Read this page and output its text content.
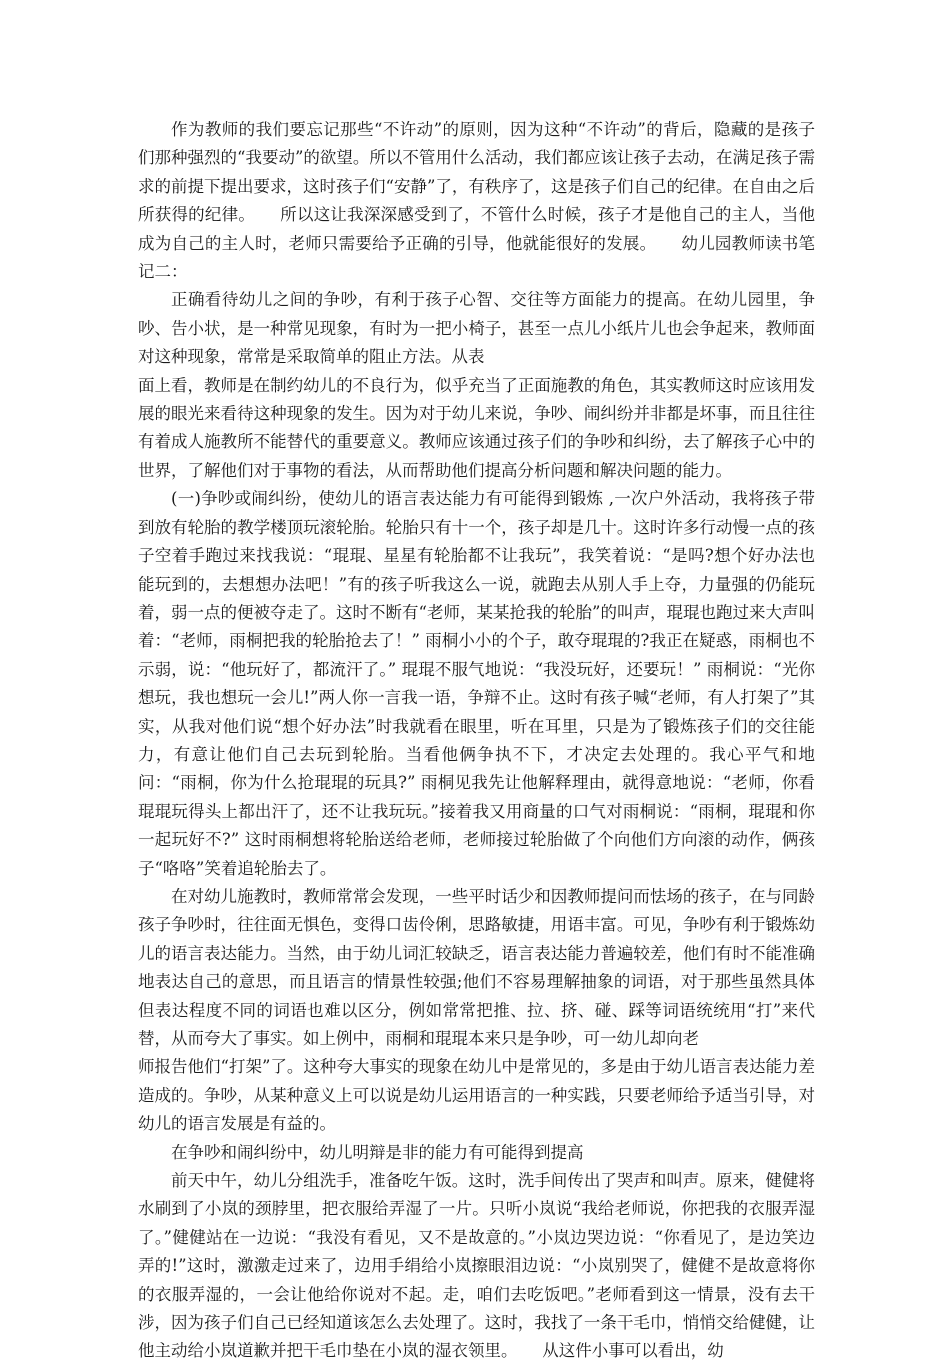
作为教师的我们要忘记那些“不许动”的原则，因为这种“不许动”的背后，隐藏的是孩子们那种强烈的“我要动”的欲望。所以不管用什么活动，我们都应该让孩子去动，在满足孩子需求的前提下提出要求，这时孩子们“安静”了，有秩序了，这是孩子们自己的纪律。在自由之后所获得的纪律。　　所以这让我深深感受到了，不管什么时候，孩子才是他自己的主人，当他成为自己的主人时，老师只需要给予正确的引导，他就能很好的发展。　　幼儿园教师读书笔记二：

正确看待幼儿之间的争吵，有利于孩子心智、交往等方面能力的提高。在幼儿园里，争吵、告小状，是一种常见现象，有时为一把小椅子，甚至一点儿小纸片儿也会争起来，教师面对这种现象，常常是采取简单的阻止方法。从表

面上看，教师是在制约幼儿的不良行为，似乎充当了正面施教的角色，其实教师这时应该用发展的眼光来看待这种现象的发生。因为对于幼儿来说，争吵、闹纠纷并非都是坏事，而且往往有着成人施教所不能替代的重要意义。教师应该通过孩子们的争吵和纠纷，去了解孩子心中的世界，了解他们对于事物的看法，从而帮助他们提高分析问题和解决问题的能力。

(一)争吵或闹纠纷，使幼儿的语言表达能力有可能得到锻炼 ,一次户外活动，我将孩子带到放有轮胎的教学楼顶玩滚轮胎。轮胎只有十一个，孩子却是几十。这时许多行动慢一点的孩子空着手跑过来找我说：“琨琨、星星有轮胎都不让我玩”，我笑着说：“是吗?想个好办法也能玩到的，去想想办法吧！”有的孩子听我这么一说，就跑去从别人手上夺，力量强的仍能玩着，弱一点的便被夺走了。这时不断有“老师，某某抢我的轮胎”的叫声，琨琨也跑过来大声叫着：“老师，雨桐把我的轮胎抢去了！” 雨桐小小的个子，敢夺琨琨的?我正在疑惑，雨桐也不示弱，说：“他玩好了，都流汗了。” 琨琨不服气地说：“我没玩好，还要玩！” 雨桐说：“光你想玩，我也想玩一会儿!”两人你一言我一语，争辩不止。这时有孩子喊“老师，有人打架了”其实，从我对他们说“想个好办法”时我就看在眼里，听在耳里，只是为了锻炼孩子们的交往能力，有意让他们自己去玩到轮胎。当看他俩争执不下，才决定去处理的。我心平气和地问：“雨桐，你为什么抢琨琨的玩具?” 雨桐见我先让他解释理由，就得意地说：“老师，你看琨琨玩得头上都出汗了，还不让我玩玩。”接着我又用商量的口气对雨桐说：“雨桐，琨琨和你一起玩好不?” 这时雨桐想将轮胎送给老师，老师接过轮胎做了个向他们方向滚的动作，俩孩子“咯咯”笑着追轮胎去了。

在对幼儿施教时，教师常常会发现，一些平时话少和因教师提问而怯场的孩子，在与同龄孩子争吵时，往往面无惧色，变得口齿伶俐，思路敏捷，用语丰富。可见，争吵有利于锻炼幼儿的语言表达能力。当然，由于幼儿词汇较缺乏，语言表达能力普遍较差，他们有时不能准确地表达自己的意思，而且语言的情景性较强;他们不容易理解抽象的词语，对于那些虽然具体但表达程度不同的词语也难以区分，例如常常把推、拉、挤、碰、踩等词语统统用“打”来代替，从而夸大了事实。如上例中，雨桐和琨琨本来只是争吵，可一幼儿却向老

师报告他们“打架”了。这种夸大事实的现象在幼儿中是常见的，多是由于幼儿语言表达能力差造成的。争吵，从某种意义上可以说是幼儿运用语言的一种实践，只要老师给予适当引导，对幼儿的语言发展是有益的。

在争吵和闹纠纷中，幼儿明辩是非的能力有可能得到提高

前天中午，幼儿分组洗手，准备吃午饭。这时，洗手间传出了哭声和叫声。原来，健健将水刷到了小岚的颈脖里，把衣服给弄湿了一片。只听小岚说“我给老师说，你把我的衣服弄湿了。”健健站在一边说：“我没有看见，又不是故意的。”小岚边哭边说：“你看见了，是边笑边弄的!”这时，激激走过来了，边用手绢给小岚擦眼泪边说：“小岚别哭了，健健不是故意将你的衣服弄湿的，一会让他给你说对不起。走，咱们去吃饭吧。”老师看到这一情景，没有去干涉，因为孩子们自己已经知道该怎么去处理了。这时，我找了一条干毛巾，悄悄交给健健，让他主动给小岚道歉并把干毛巾垫在小岚的湿衣领里。　　从这件小事可以看出，幼
